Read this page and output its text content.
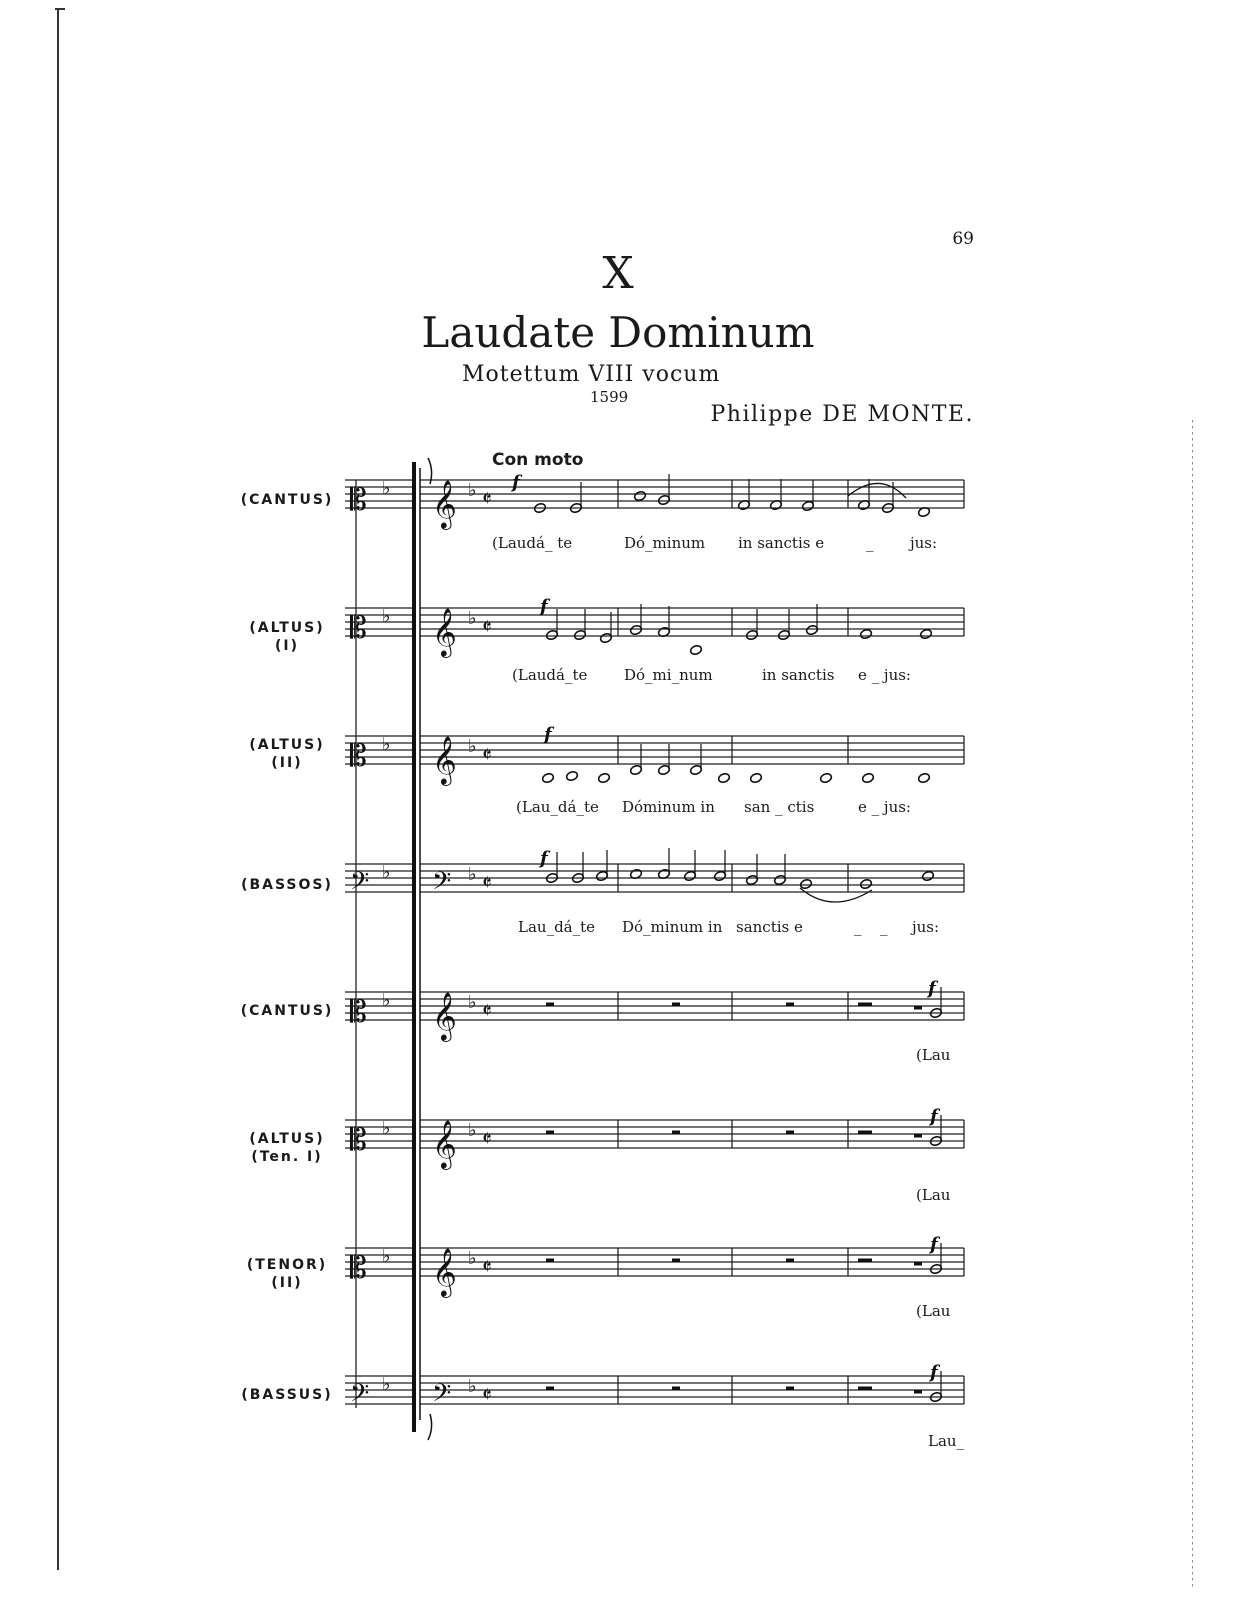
69
X
Laudate Dominum
Motettum VIII vocum
1599
Philippe DE MONTE.
Con moto
(CANTUS)
(ALTUS)
(I)
(ALTUS)
(II)
(BASSOS)
(CANTUS)
(ALTUS)
(Ten. I)
(TENOR)
(II)
(BASSUS)
(Laudá_ te	Dó_minum in sanctis e	_ jus:
(Laudá_te Dó_mi_num	in sanctis e _ jus:
(Lau_dá_te Dóminum in san _ ctis	e _ jus:
Lau_dá_te Dó_minum in sanctis e	_ _ jus:
(Lau
(Lau
(Lau
Lau_
𝄡 ♭ 𝄞 ♭ 𝄵
𝄡 ♭ 𝄞 ♭ 𝄵
𝄡 ♭ 𝄞 ♭ 𝄵
𝄢 ♭ 𝄢 ♭ 𝄵
𝄡 ♭ 𝄞 ♭ 𝄵
𝄡 ♭ 𝄞 ♭ 𝄵
𝄡 ♭ 𝄞 ♭ 𝄵
𝄢 ♭ 𝄢 ♭ 𝄵
f
f
f
f
f
f
f
f
